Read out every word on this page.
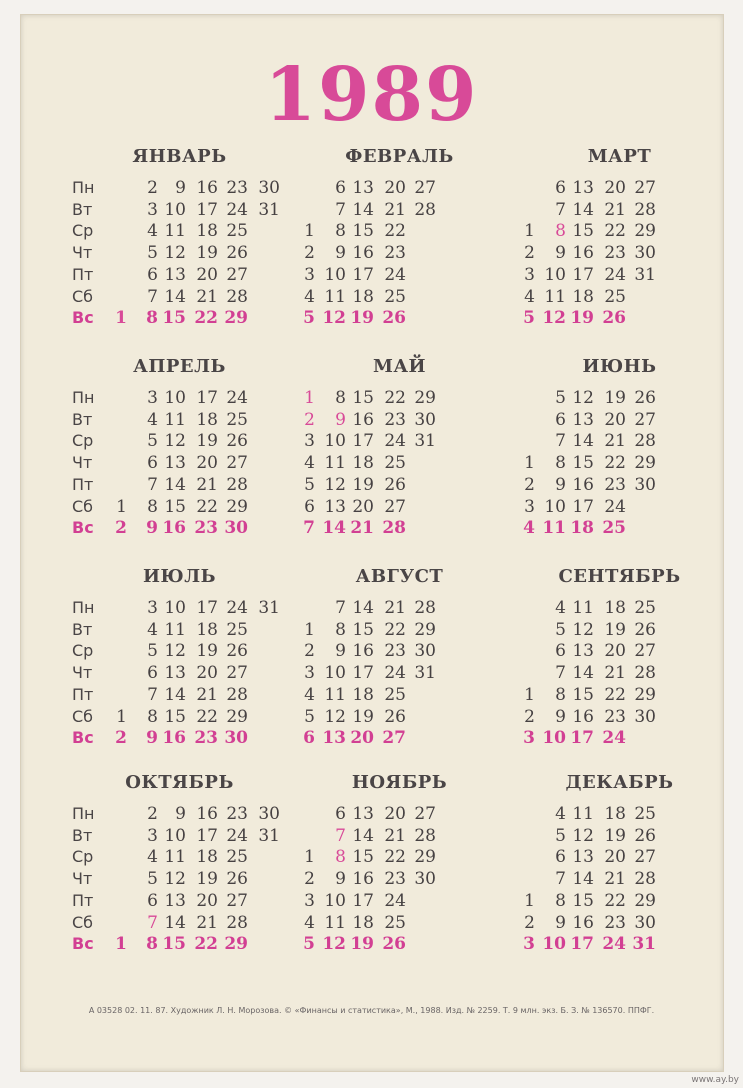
1989
ЯНВАРЬ
Пн	2	9 16 23 30
Вт	3 10 17 24 31
Ср	4 11 18 25
Чт	5 12 19 26
Пт	6 13 20 27
Сб	7 14 21 28
Вс	1	8 15 22 29
ФЕВРАЛЬ
6 13 20 27
7 14 21 28
1	8 15 22
2	9 16 23
3 10 17 24
4 11 18 25
5 12 19 26
МАРТ
6 13 20 27
7 14 21 28
1	8 15 22 29
2	9 16 23 30
3 10 17 24 31
4 11 18 25
5 12 19 26
АПРЕЛЬ
Пн	3 10 17 24
Вт	4 11 18 25
Ср	5 12 19 26
Чт	6 13 20 27
Пт	7 14 21 28
Сб	1	8 15 22 29
Вс	2	9 16 23 30
МАЙ
1	8 15 22 29
2	9 16 23 30
3 10 17 24 31
4 11 18 25
5 12 19 26
6 13 20 27
7 14 21 28
ИЮНЬ
5 12 19 26
6 13 20 27
7 14 21 28
1	8 15 22 29
2	9 16 23 30
3 10 17 24
4 11 18 25
ИЮЛЬ
Пн	3 10 17 24 31
Вт	4 11 18 25
Ср	5 12 19 26
Чт	6 13 20 27
Пт	7 14 21 28
Сб	1	8 15 22 29
Вс	2	9 16 23 30
АВГУСТ
7 14 21 28
1	8 15 22 29
2	9 16 23 30
3 10 17 24 31
4 11 18 25
5 12 19 26
6 13 20 27
СЕНТЯБРЬ
4 11 18 25
5 12 19 26
6 13 20 27
7 14 21 28
1	8 15 22 29
2	9 16 23 30
3 10 17 24
ОКТЯБРЬ
Пн	2	9 16 23 30
Вт	3 10 17 24 31
Ср	4 11 18 25
Чт	5 12 19 26
Пт	6 13 20 27
Сб	7 14 21 28
Вс	1	8 15 22 29
НОЯБРЬ
6 13 20 27
7 14 21 28
1	8 15 22 29
2	9 16 23 30
3 10 17 24
4 11 18 25
5 12 19 26
ДЕКАБРЬ
4 11 18 25
5 12 19 26
6 13 20 27
7 14 21 28
1	8 15 22 29
2	9 16 23 30
3 10 17 24 31
А 03528 02. 11. 87. Художник Л. Н. Морозова. © «Финансы и статистика», М., 1988. Изд. № 2259. Т. 9 млн. экз. Б. З. № 136570. ППФГ.
www.ay.by
